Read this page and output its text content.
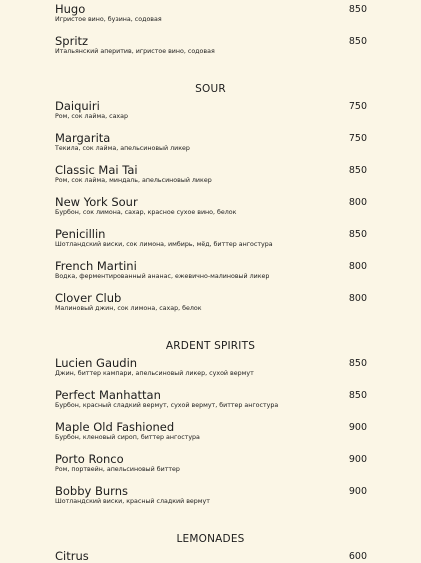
Hugo
Игристое вино, бузина, содовая
850
Spritz
Итальянский аперитив, игристое вино, содовая
850
SOUR
Daiquiri
Ром, сок лайма, сахар
750
Margarita
Текила, сок лайма, апельсиновый ликер
750
Classic Mai Tai
Ром, сок лайма, миндаль, апельсиновый ликер
850
New York Sour
Бурбон, сок лимона, сахар, красное сухое вино, белок
800
Penicillin
Шотландский виски, сок лимона, имбирь, мёд, биттер ангостура
850
French Martini
Водка, ферментированный ананас, ежевично-малиновый ликер
800
Clover Club
Малиновый джин, сок лимона, сахар, белок
800
ARDENT SPIRITS
Lucien Gaudin
Джин, биттер кампари, апельсиновый ликер, сухой вермут
850
Perfect Manhattan
Бурбон, красный сладкий вермут, сухой вермут, биттер ангостура
850
Maple Old Fashioned
Бурбон, кленовый сироп, биттер ангостура
900
Porto Ronco
Ром, портвейн, апельсиновый биттер
900
Bobby Burns
Шотландский виски, красный сладкий вермут
900
LEMONADES
Citrus	600
